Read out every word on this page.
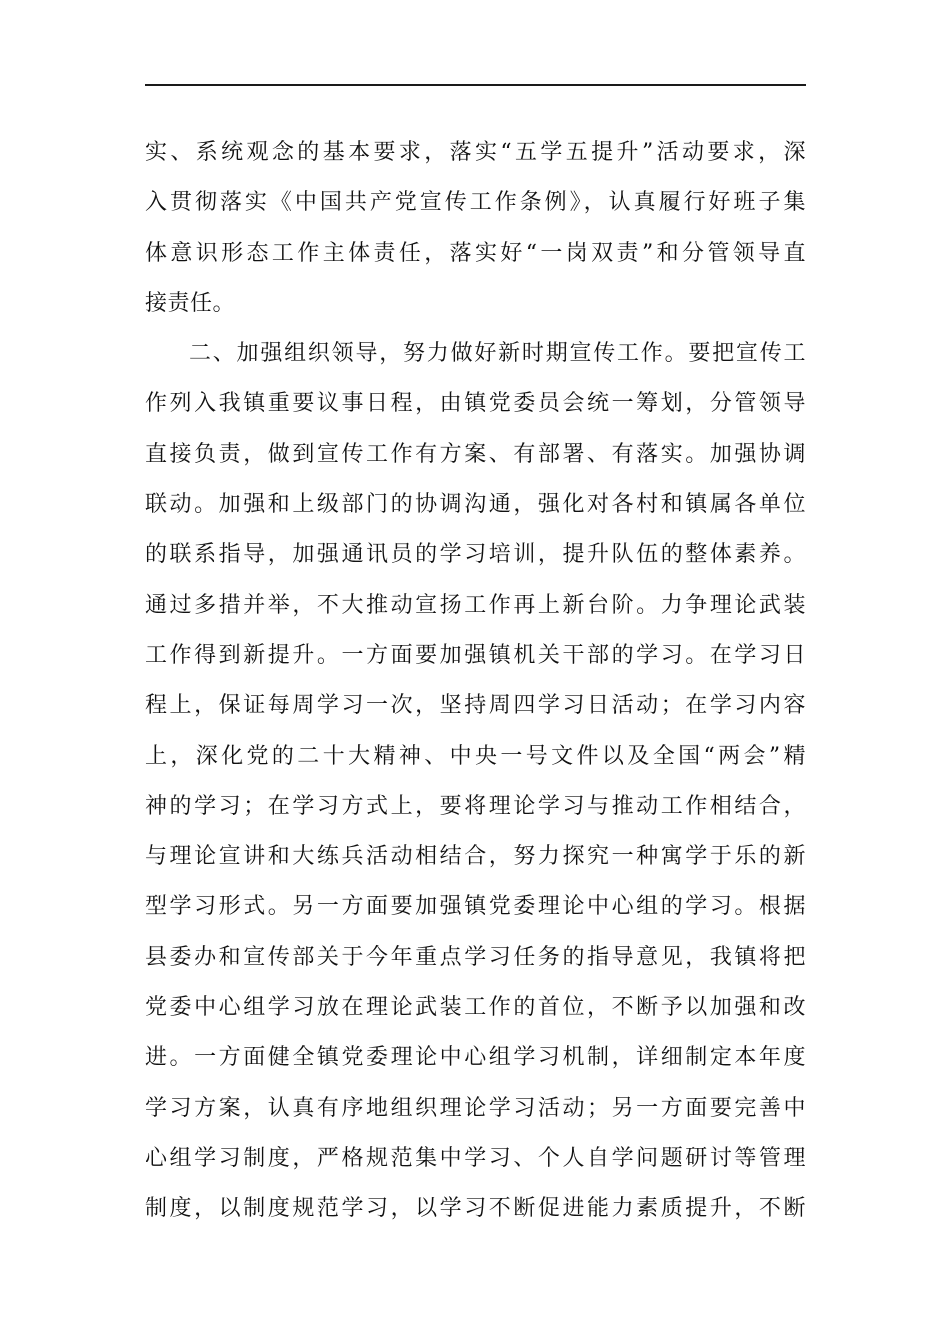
实、系统观念的基本要求，落实“五学五提升”活动要求，深
入贯彻落实《中国共产党宣传工作条例》，认真履行好班子集
体意识形态工作主体责任，落实好“一岗双责”和分管领导直
接责任。
二、加强组织领导，努力做好新时期宣传工作。要把宣传工
作列入我镇重要议事日程，由镇党委员会统一筹划，分管领导
直接负责，做到宣传工作有方案、有部署、有落实。加强协调
联动。加强和上级部门的协调沟通，强化对各村和镇属各单位
的联系指导，加强通讯员的学习培训，提升队伍的整体素养。
通过多措并举，不大推动宣扬工作再上新台阶。力争理论武装
工作得到新提升。一方面要加强镇机关干部的学习。在学习日
程上，保证每周学习一次，坚持周四学习日活动；在学习内容
上，深化党的二十大精神、中央一号文件以及全国“两会”精
神的学习；在学习方式上，要将理论学习与推动工作相结合，
与理论宣讲和大练兵活动相结合，努力探究一种寓学于乐的新
型学习形式。另一方面要加强镇党委理论中心组的学习。根据
县委办和宣传部关于今年重点学习任务的指导意见，我镇将把
党委中心组学习放在理论武装工作的首位，不断予以加强和改
进。一方面健全镇党委理论中心组学习机制，详细制定本年度
学习方案，认真有序地组织理论学习活动；另一方面要完善中
心组学习制度，严格规范集中学习、个人自学问题研讨等管理
制度，以制度规范学习，以学习不断促进能力素质提升，不断
